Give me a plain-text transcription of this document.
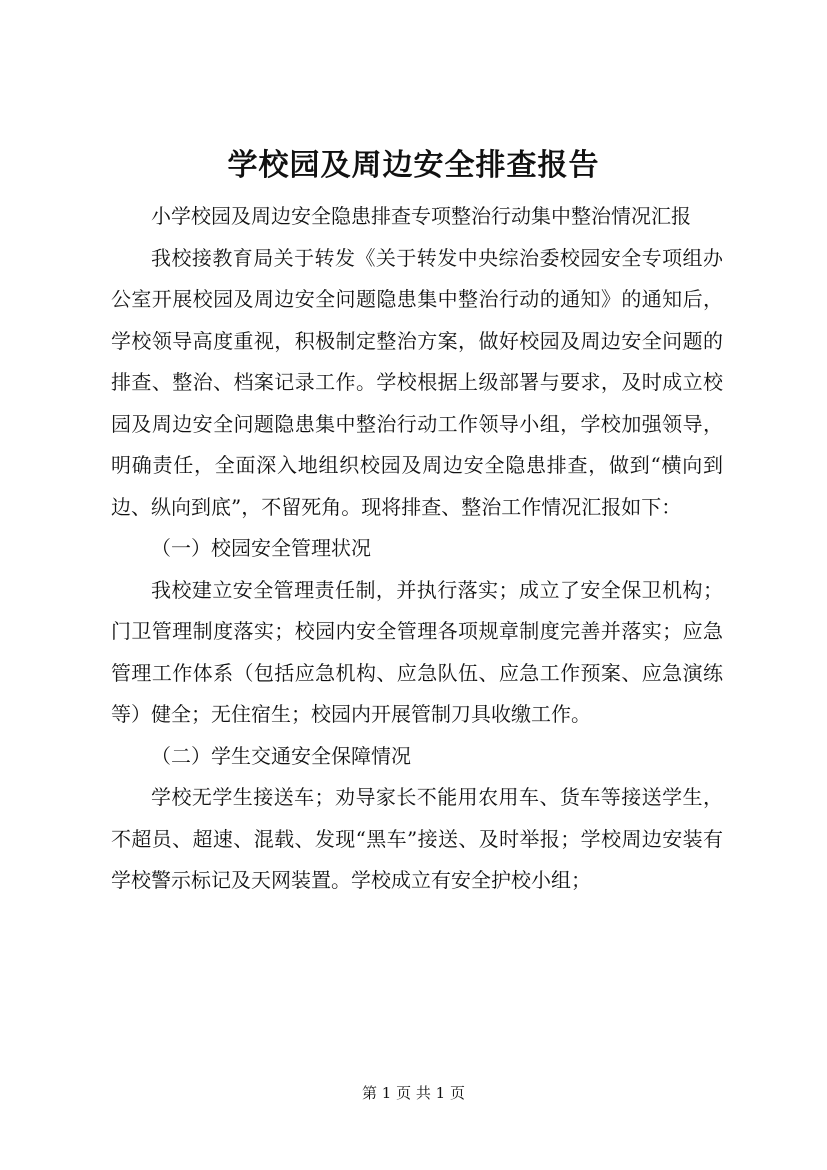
学校园及周边安全排查报告

小学校园及周边安全隐患排查专项整治行动集中整治情况汇报

我校接教育局关于转发《关于转发中央综治委校园安全专项组办公室开展校园及周边安全问题隐患集中整治行动的通知》的通知后，学校领导高度重视，积极制定整治方案，做好校园及周边安全问题的排查、整治、档案记录工作。学校根据上级部署与要求，及时成立校园及周边安全问题隐患集中整治行动工作领导小组，学校加强领导，明确责任，全面深入地组织校园及周边安全隐患排查，做到“横向到边、纵向到底”，不留死角。现将排查、整治工作情况汇报如下：

（一）校园安全管理状况

我校建立安全管理责任制，并执行落实；成立了安全保卫机构；门卫管理制度落实；校园内安全管理各项规章制度完善并落实；应急管理工作体系（包括应急机构、应急队伍、应急工作预案、应急演练等）健全；无住宿生；校园内开展管制刀具收缴工作。

（二）学生交通安全保障情况

学校无学生接送车；劝导家长不能用农用车、货车等接送学生，不超员、超速、混载、发现“黑车”接送、及时举报；学校周边安装有学校警示标记及天网装置。学校成立有安全护校小组；

第 1 页 共 1 页
